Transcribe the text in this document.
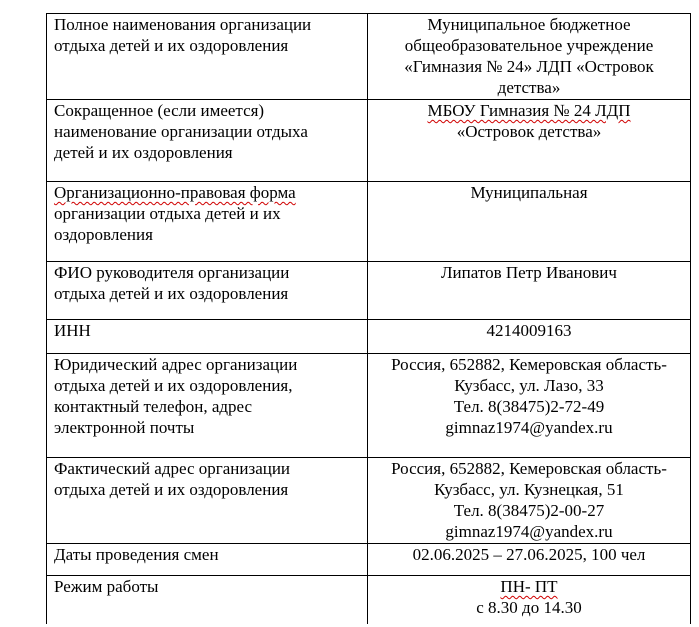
Полное наименования организации
отдыха детей и их оздоровления	Муниципальное бюджетное
общеобразовательное учреждение
«Гимназия № 24» ЛДП «Островок
детства»

Сокращенное (если имеется)
наименование организации отдыха
детей и их оздоровления	МБОУ Гимназия № 24 ЛДП
«Островок детства»

Организационно-правовая форма
организации отдыха детей и их
оздоровления	Муниципальная

ФИО руководителя организации
отдыха детей и их оздоровления	Липатов Петр Иванович

ИНН	4214009163

Юридический адрес организации
отдыха детей и их оздоровления,
контактный телефон, адрес
электронной почты	Россия, 652882, Кемеровская область-
Кузбасс, ул. Лазо, 33
Тел. 8(38475)2-72-49
gimnaz1974@yandex.ru

Фактический адрес организации
отдыха детей и их оздоровления	Россия, 652882, Кемеровская область-
Кузбасс, ул. Кузнецкая, 51
Тел. 8(38475)2-00-27
gimnaz1974@yandex.ru

Даты проведения смен	02.06.2025 – 27.06.2025, 100 чел

Режим работы	ПН- ПТ
с 8.30 до 14.30
